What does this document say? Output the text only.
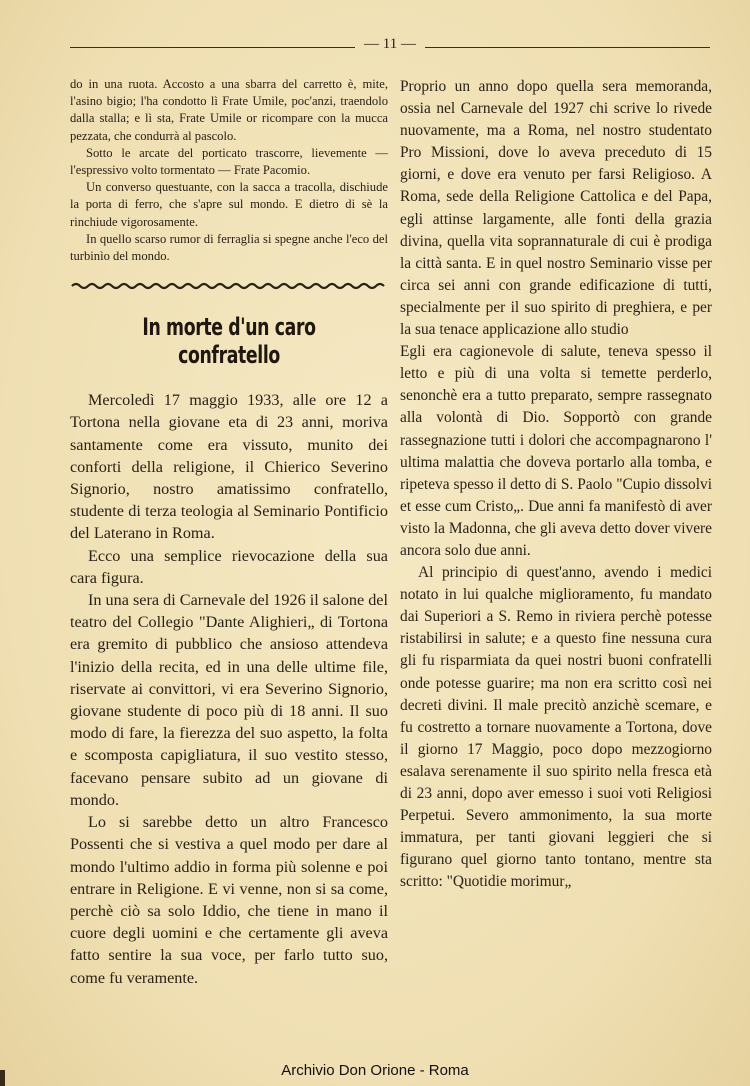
— 11 —

do in una ruota. Accosto a una sbarra del carretto è, mite, l'asino bigio; l'ha condotto lì Frate Umile, poc'anzi, traendolo dalla stalla; e lì sta, Frate Umile or ricompare con la mucca pezzata, che condurrà al pascolo.

Sotto le arcate del porticato trascorre, lievemente — l'espressivo volto tormentato — Frate Pacomio.

Un converso questuante, con la sacca a tracolla, dischiude la porta di ferro, che s'apre sul mondo. E dietro di sè la rinchiude vigorosamente.

In quello scarso rumor di ferraglia si spegne anche l'eco del turbinìo del mondo.

In morte d'un caro confratello

Mercoledì 17 maggio 1933, alle ore 12 a Tortona nella giovane eta di 23 anni, moriva santamente come era vissuto, munito dei conforti della religione, il Chierico Severino Signorio, nostro amatissimo confratello, studente di terza teologia al Seminario Pontificio del Laterano in Roma.

Ecco una semplice rievocazione della sua cara figura.

In una sera di Carnevale del 1926 il salone del teatro del Collegio "Dante Alighieri„ di Tortona era gremito di pubblico che ansioso attendeva l'inizio della recita, ed in una delle ultime file, riservate ai convittori, vi era Severino Signorio, giovane studente di poco più di 18 anni. Il suo modo di fare, la fierezza del suo aspetto, la folta e scomposta capigliatura, il suo vestito stesso, facevano pensare subito ad un giovane di mondo.

Lo si sarebbe detto un altro Francesco Possenti che si vestiva a quel modo per dare al mondo l'ultimo addio in forma più solenne e poi entrare in Religione. E vi venne, non si sa come, perchè ciò sa solo Iddio, che tiene in mano il cuore degli uomini e che certamente gli aveva fatto sentire la sua voce, per farlo tutto suo, come fu veramente.

Proprio un anno dopo quella sera memoranda, ossia nel Carnevale del 1927 chi scrive lo rivede nuovamente, ma a Roma, nel nostro studentato Pro Missioni, dove lo aveva preceduto di 15 giorni, e dove era venuto per farsi Religioso. A Roma, sede della Religione Cattolica e del Papa, egli attinse largamente, alle fonti della grazia divina, quella vita soprannaturale di cui è prodiga la città santa. E in quel nostro Seminario visse per circa sei anni con grande edificazione di tutti, specialmente per il suo spirito di preghiera, e per la sua tenace applicazione allo studio

Egli era cagionevole di salute, teneva spesso il letto e più di una volta si temette perderlo, senonchè era a tutto preparato, sempre rassegnato alla volontà di Dio. Sopportò con grande rassegnazione tutti i dolori che accompagnarono l' ultima malattia che doveva portarlo alla tomba, e ripeteva spesso il detto di S. Paolo "Cupio dissolvi et esse cum Cristo„. Due anni fa manifestò di aver visto la Madonna, che gli aveva detto dover vivere ancora solo due anni.

Al principio di quest'anno, avendo i medici notato in lui qualche miglioramento, fu mandato dai Superiori a S. Remo in riviera perchè potesse ristabilirsi in salute; e a questo fine nessuna cura gli fu risparmiata da quei nostri buoni confratelli onde potesse guarire; ma non era scritto così nei decreti divini. Il male precitò anzichè scemare, e fu costretto a tornare nuovamente a Tortona, dove il giorno 17 Maggio, poco dopo mezzogiorno esalava serenamente il suo spirito nella fresca età di 23 anni, dopo aver emesso i suoi voti Religiosi Perpetui. Severo ammonimento, la sua morte immatura, per tanti giovani leggieri che si figurano quel giorno tanto tontano, mentre sta scritto: "Quotidie morimur„

Archivio Don Orione - Roma
